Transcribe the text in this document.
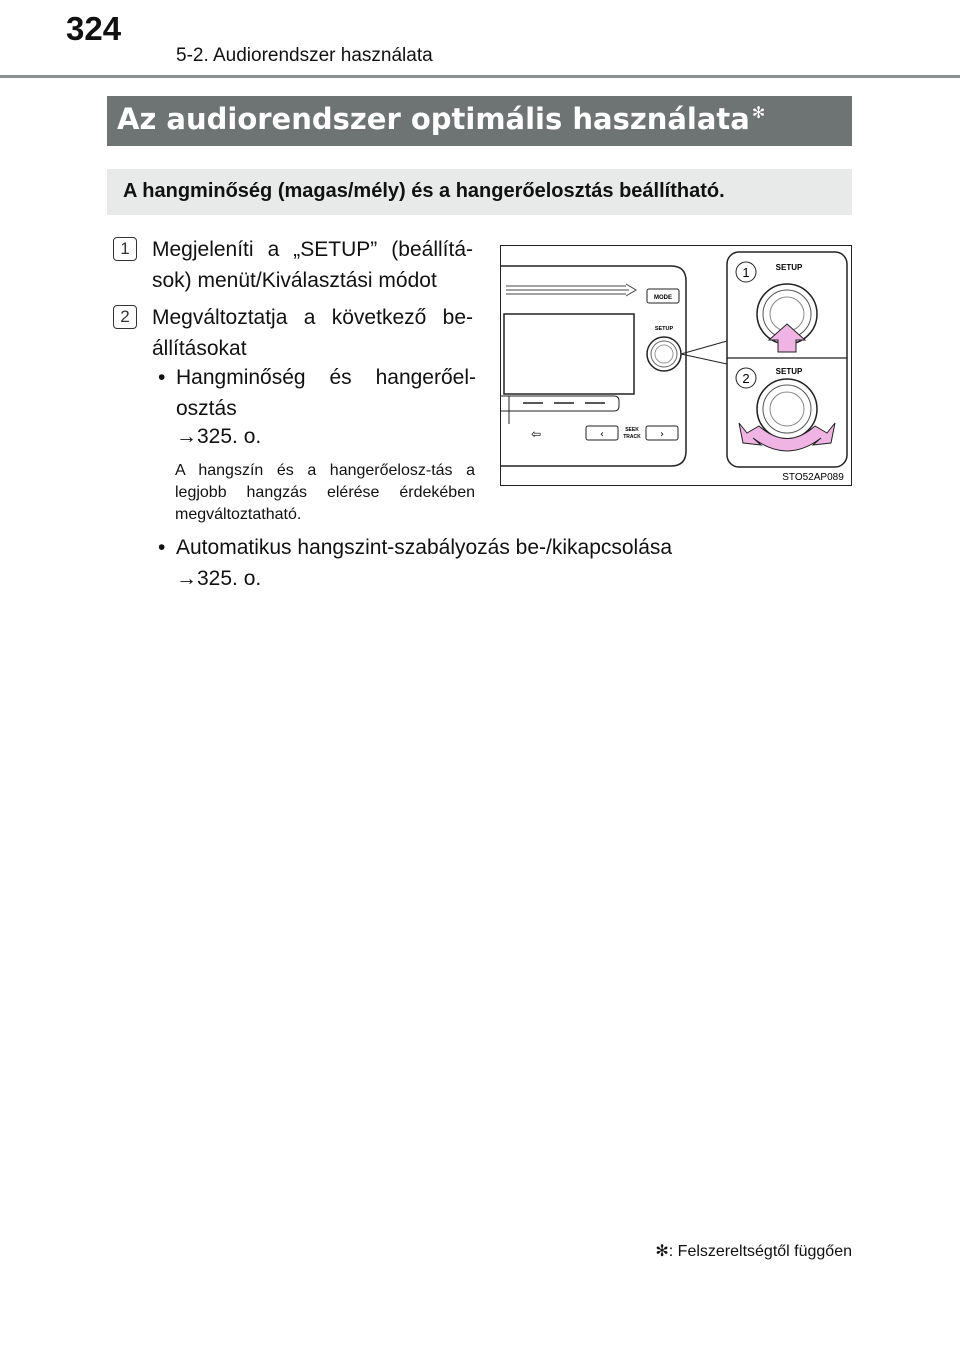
324
5-2. Audiorendszer használata
Az audiorendszer optimális használata ✻
A hangminőség (magas/mély) és a hangerőelosztás beállítható.
1	Megjeleníti a „SETUP” (beállítá-sok) menüt/Kiválasztási módot
2	Megváltoztatja a következő be-állításokat
• Hangminőség és hangerőel-osztás
→325. o.
A hangszín és a hangerőelosz-tás a legjobb hangzás elérése érdekében megváltoztatható.
• Automatikus hangszint-szabályozás be-/kikapcsolása
→325. o.
MODE
SETUP
⇦	‹	SEEK
TRACK ›
1	SETUP
2	SETUP
STO52AP089
✻: Felszereltségtől függően
